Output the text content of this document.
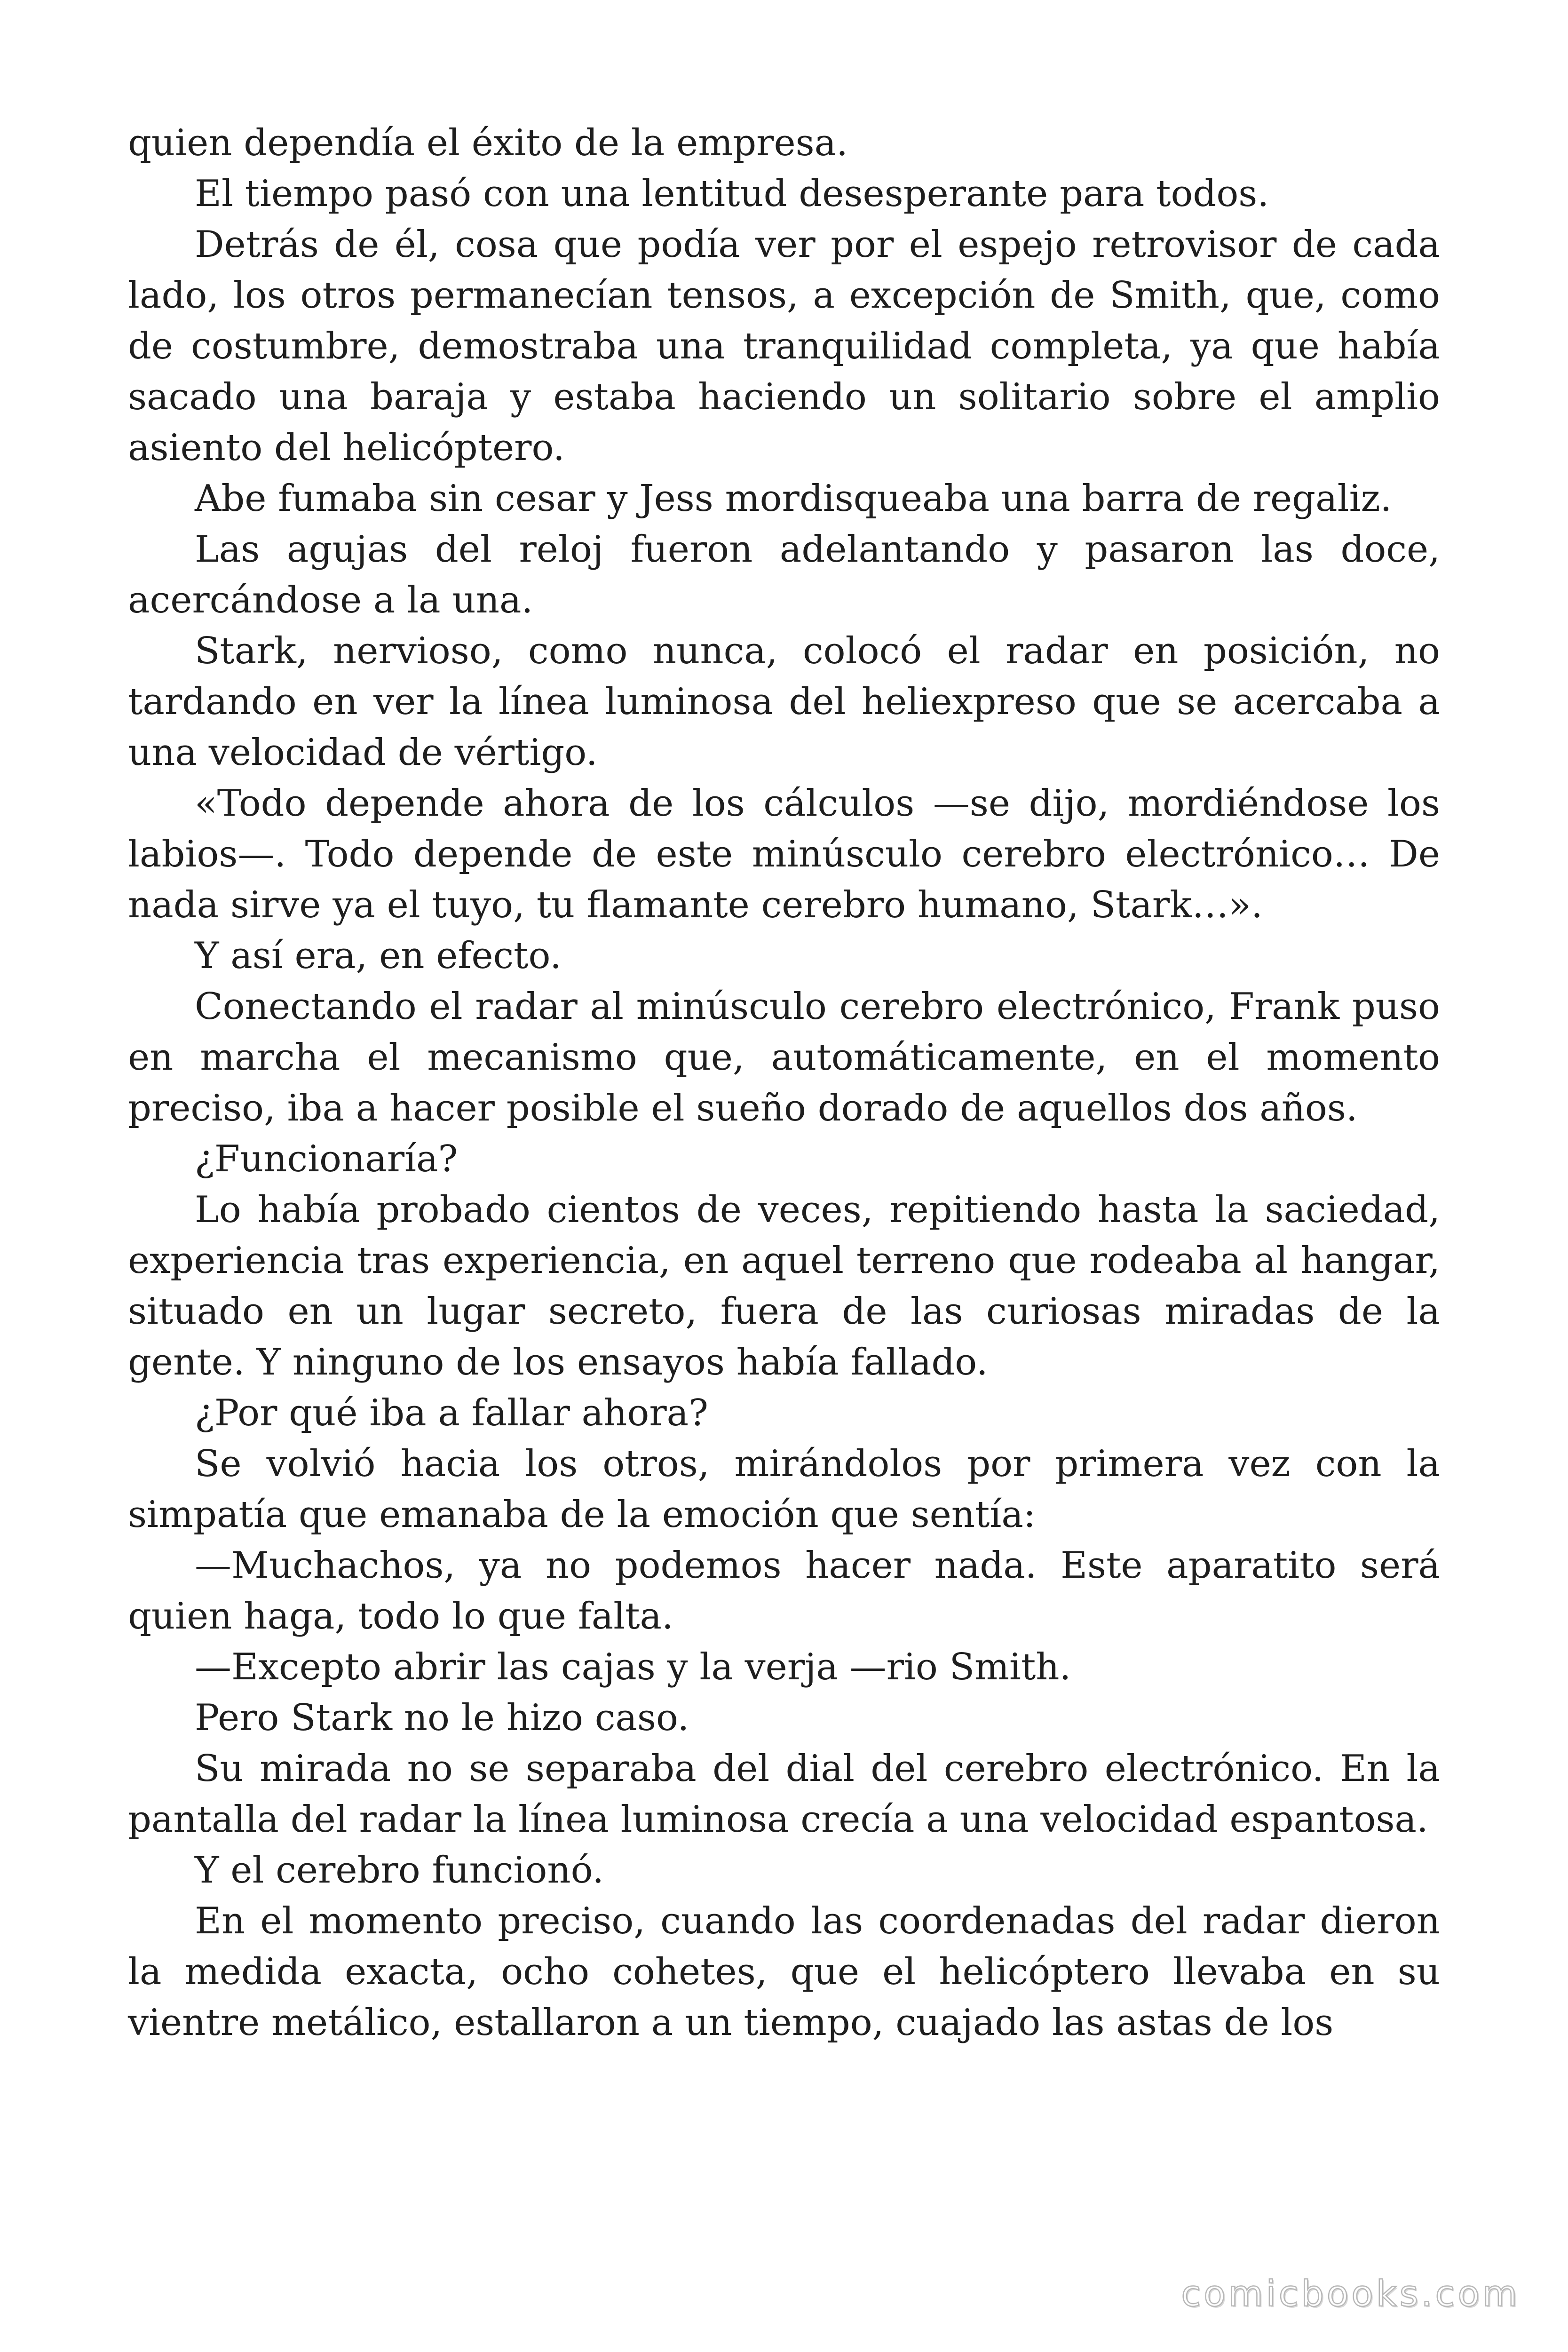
quien dependía el éxito de la empresa.

El tiempo pasó con una lentitud desesperante para todos.

Detrás de él, cosa que podía ver por el espejo retrovisor de cada lado, los otros permanecían tensos, a excepción de Smith, que, como de costumbre, demostraba una tranquilidad completa, ya que había sacado una baraja y estaba haciendo un solitario sobre el amplio asiento del helicóptero.

Abe fumaba sin cesar y Jess mordisqueaba una barra de regaliz.

Las agujas del reloj fueron adelantando y pasaron las doce, acercándose a la una.

Stark, nervioso, como nunca, colocó el radar en posición, no tardando en ver la línea luminosa del heliexpreso que se acercaba a una velocidad de vértigo.

«Todo depende ahora de los cálculos —se dijo, mordiéndose los labios—. Todo depende de este minúsculo cerebro electrónico… De nada sirve ya el tuyo, tu flamante cerebro humano, Stark…».

Y así era, en efecto.

Conectando el radar al minúsculo cerebro electrónico, Frank puso en marcha el mecanismo que, automáticamente, en el momento preciso, iba a hacer posible el sueño dorado de aquellos dos años.

¿Funcionaría?

Lo había probado cientos de veces, repitiendo hasta la saciedad, experiencia tras experiencia, en aquel terreno que rodeaba al hangar, situado en un lugar secreto, fuera de las curiosas miradas de la gente. Y ninguno de los ensayos había fallado.

¿Por qué iba a fallar ahora?

Se volvió hacia los otros, mirándolos por primera vez con la simpatía que emanaba de la emoción que sentía:

—Muchachos, ya no podemos hacer nada. Este aparatito será quien haga, todo lo que falta.

—Excepto abrir las cajas y la verja —rio Smith.

Pero Stark no le hizo caso.

Su mirada no se separaba del dial del cerebro electrónico. En la pantalla del radar la línea luminosa crecía a una velocidad espantosa.

Y el cerebro funcionó.

En el momento preciso, cuando las coordenadas del radar dieron la medida exacta, ocho cohetes, que el helicóptero llevaba en su vientre metálico, estallaron a un tiempo, cuajado las astas de los

comicbooks.com
